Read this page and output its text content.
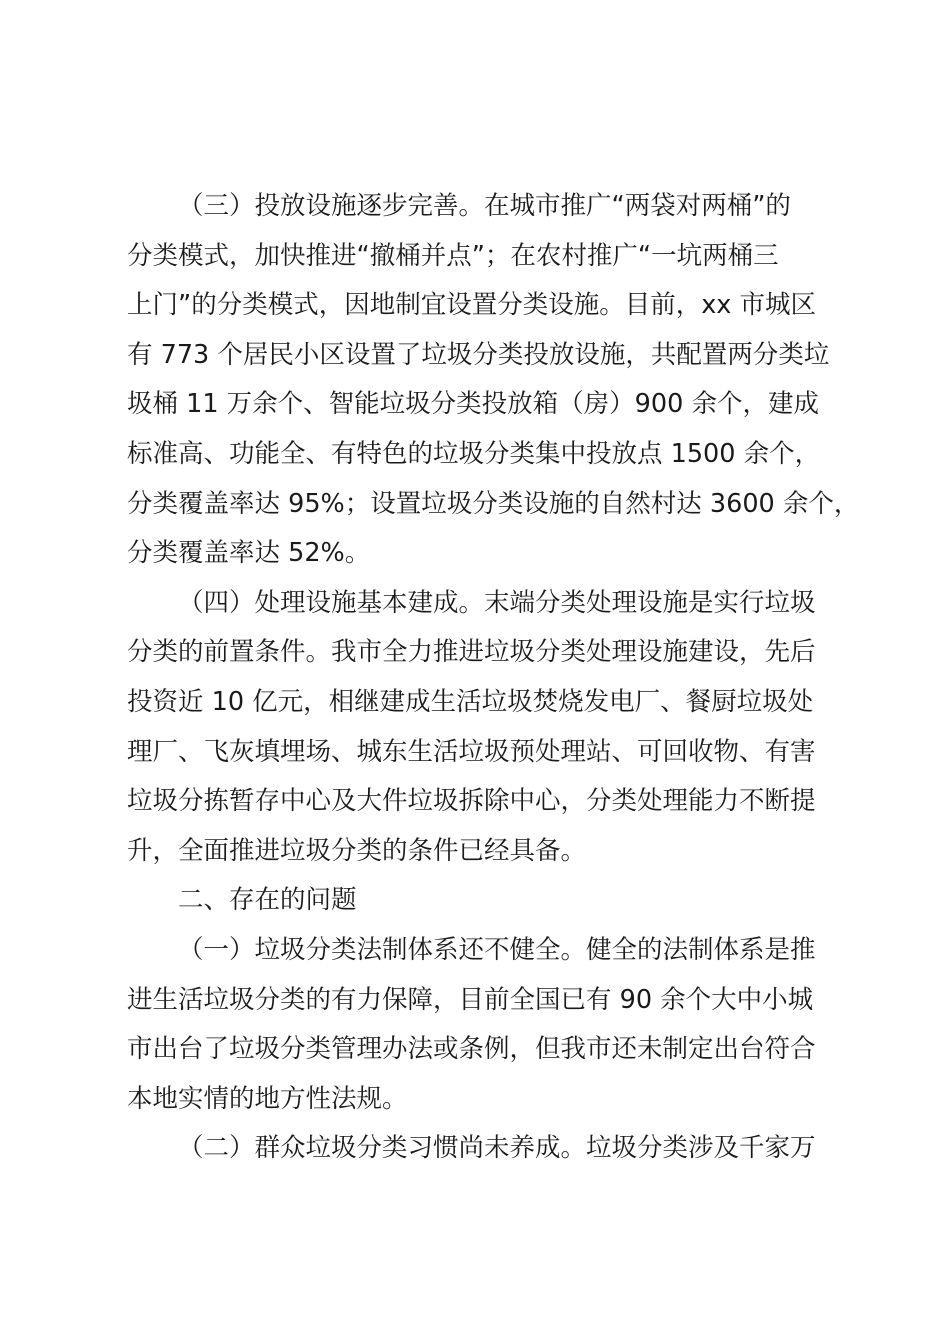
（三）投放设施逐步完善。在城市推广“两袋对两桶”的
分类模式，加快推进“撤桶并点”；在农村推广“一坑两桶三
上门”的分类模式，因地制宜设置分类设施。目前，xx 市城区
有 773 个居民小区设置了垃圾分类投放设施，共配置两分类垃
圾桶 11 万余个、智能垃圾分类投放箱（房）900 余个，建成
标准高、功能全、有特色的垃圾分类集中投放点 1500 余个，
分类覆盖率达 95%；设置垃圾分类设施的自然村达 3600 余个，
分类覆盖率达 52%。
（四）处理设施基本建成。末端分类处理设施是实行垃圾
分类的前置条件。我市全力推进垃圾分类处理设施建设，先后
投资近 10 亿元，相继建成生活垃圾焚烧发电厂、餐厨垃圾处
理厂、飞灰填埋场、城东生活垃圾预处理站、可回收物、有害
垃圾分拣暂存中心及大件垃圾拆除中心，分类处理能力不断提
升，全面推进垃圾分类的条件已经具备。
二、存在的问题
（一）垃圾分类法制体系还不健全。健全的法制体系是推
进生活垃圾分类的有力保障，目前全国已有 90 余个大中小城
市出台了垃圾分类管理办法或条例，但我市还未制定出台符合
本地实情的地方性法规。
（二）群众垃圾分类习惯尚未养成。垃圾分类涉及千家万
